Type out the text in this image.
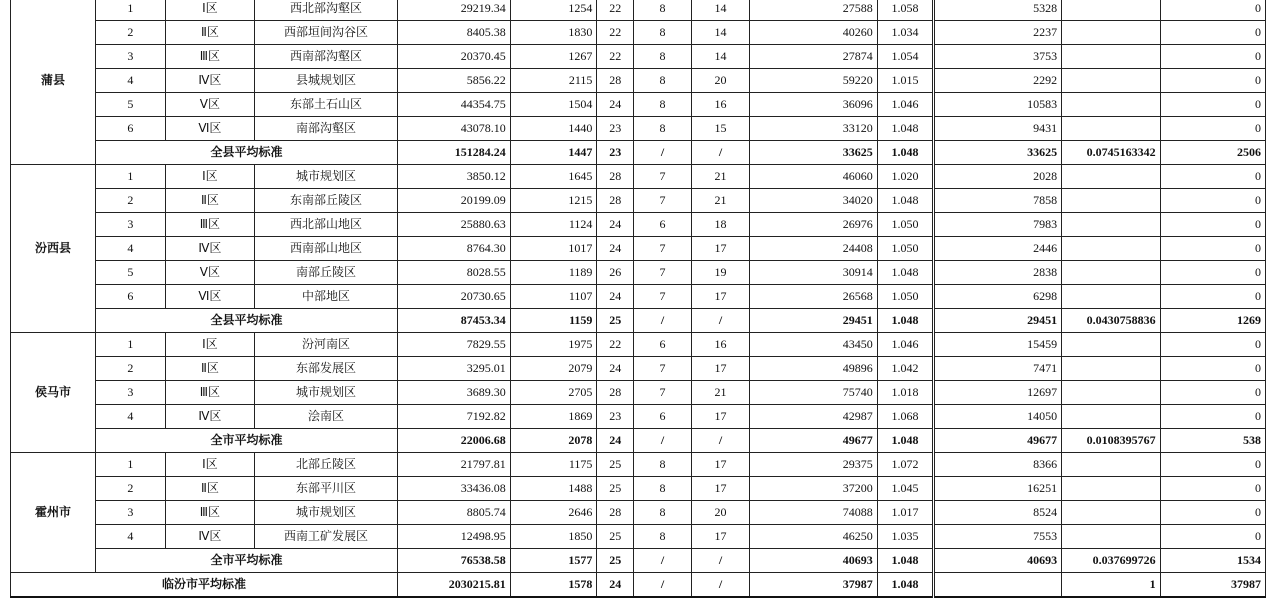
蒲县	1	Ⅰ区	西北部沟壑区	29219.34	1254	22	8	14	27588	1.058	5328		0
	2	Ⅱ区	西部垣间沟谷区	8405.38	1830	22	8	14	40260	1.034	2237		0
	3	Ⅲ区	西南部沟壑区	20370.45	1267	22	8	14	27874	1.054	3753		0
	4	Ⅳ区	县城规划区	5856.22	2115	28	8	20	59220	1.015	2292		0
	5	Ⅴ区	东部土石山区	44354.75	1504	24	8	16	36096	1.046	10583		0
	6	Ⅵ区	南部沟壑区	43078.10	1440	23	8	15	33120	1.048	9431		0
	全县平均标准			151284.24	1447	23	/	/	33625	1.048	33625	0.0745163342	2506
汾西县	1	Ⅰ区	城市规划区	3850.12	1645	28	7	21	46060	1.020	2028		0
	2	Ⅱ区	东南部丘陵区	20199.09	1215	28	7	21	34020	1.048	7858		0
	3	Ⅲ区	西北部山地区	25880.63	1124	24	6	18	26976	1.050	7983		0
	4	Ⅳ区	西南部山地区	8764.30	1017	24	7	17	24408	1.050	2446		0
	5	Ⅴ区	南部丘陵区	8028.55	1189	26	7	19	30914	1.048	2838		0
	6	Ⅵ区	中部地区	20730.65	1107	24	7	17	26568	1.050	6298		0
	全县平均标准			87453.34	1159	25	/	/	29451	1.048	29451	0.0430758836	1269
侯马市	1	Ⅰ区	汾河南区	7829.55	1975	22	6	16	43450	1.046	15459		0
	2	Ⅱ区	东部发展区	3295.01	2079	24	7	17	49896	1.042	7471		0
	3	Ⅲ区	城市规划区	3689.30	2705	28	7	21	75740	1.018	12697		0
	4	Ⅳ区	浍南区	7192.82	1869	23	6	17	42987	1.068	14050		0
	全市平均标准			22006.68	2078	24	/	/	49677	1.048	49677	0.0108395767	538
霍州市	1	Ⅰ区	北部丘陵区	21797.81	1175	25	8	17	29375	1.072	8366		0
	2	Ⅱ区	东部平川区	33436.08	1488	25	8	17	37200	1.045	16251		0
	3	Ⅲ区	城市规划区	8805.74	2646	28	8	20	74088	1.017	8524		0
	4	Ⅳ区	西南工矿发展区	12498.95	1850	25	8	17	46250	1.035	7553		0
	全市平均标准			76538.58	1577	25	/	/	40693	1.048	40693	0.037699726	1534
临汾市平均标准				2030215.81	1578	24	/	/	37987	1.048		1	37987
